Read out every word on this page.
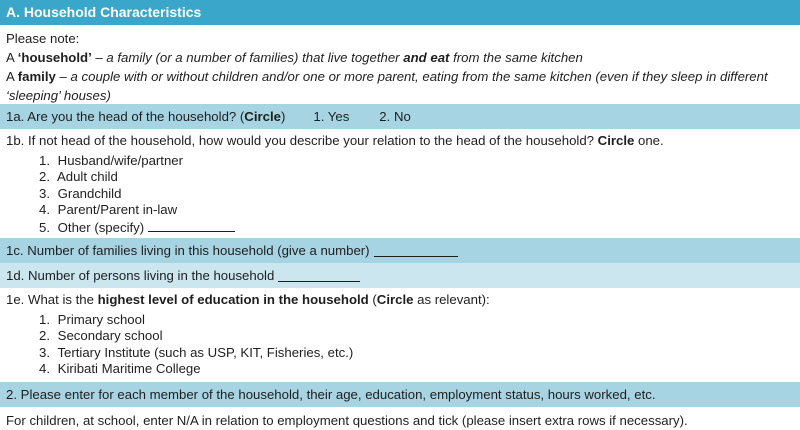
A. Household Characteristics

Please note:

A ‘household’ – a family (or a number of families) that live together and eat from the same kitchen

A family – a couple with or without children and/or one or more parent, eating from the same kitchen (even if they sleep in different ‘sleeping’ houses)

1a. Are you the head of the household? ( Circle ) 1. Yes 2. No
1b. If not head of the household, how would you describe your relation to the head of the household? Circle one.
1. Husband/wife/partner
2. Adult child
3. Grandchild
4. Parent/Parent in-law
5. Other (specify)
1c. Number of families living in this household (give a number)
1d. Number of persons living in the household
1e. What is the highest level of education in the household (Circle as relevant):
1. Primary school
2. Secondary school
3. Tertiary Institute (such as USP, KIT, Fisheries, etc.)
4. Kiribati Maritime College
2. Please enter for each member of the household, their age, education, employment status, hours worked, etc.
For children, at school, enter N/A in relation to employment questions and tick (please insert extra rows if necessary).
